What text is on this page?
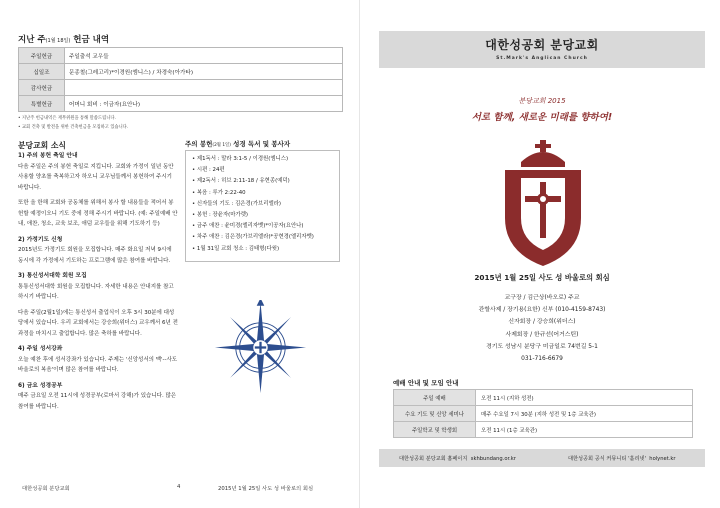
지난 주(1월 18일) 헌금 내역
주일헌금	주일출석 교우들
십일조	문종철(그레고리)*이경원(엠니스) / 차경숙(아가타)
감사헌금	
특별헌금	어머니 회비 : 이금자(요안나)
• 지난주 헌금내역은 재무위원을 통해 말씀드립니다.
• 교회 건축 및 발전을 위한 건축헌금을 모집하고 있습니다.
분당교회 소식
1) 주의 봉헌 축일 안내

다음 주일은 주의 봉헌 축일로 지킵니다. 교회와 가정이 일년 동안 사용할 양초를 축복하고자 하오니 교우님들께서 봉헌하여 주시기 바랍니다.

또한 올 한해 교회와 공동체를 위해서 봉사 할 내용들을 적어서 봉헌할 예정이오니 기도 중에 정해 주시기 바랍니다. (예: 주일예배 안내, 애찬, 청소, 교육 보조, 애덤 교우들을 위해 기도하기 등)

2) 가정기도 신청

2015년도 가정기도 회원을 모집합니다. 매주 화요일 저녁 9시에 동시에 각 가정에서 기도하는 프로그램에 많은 참여를 바랍니다.

3) 통신성서대학 회원 모집

통통신성서대학 회원을 모집합니다. 자세한 내용은 안내지를 참고하시기 바랍니다.

다음 주일(2월1일)에는 통신성서 출업식이 오후 3시 30분에 대성당에서 있습니다. 우리 교회에서는 강승희(위더스) 교우께서 6년 전 과정을 마치시고 출업합니다. 많은 축하를 바랍니다.

4) 주일 성서강좌

오늘 예찬 후에 성서강좌가 있습니다. 주제는 '신앙성서의 맥'--사도 바울로의 복음'이며 많은 참여를 바랍니다.

6) 금요 성경공부

매주 금요일 오전 11시에 성경공부(로마서 강해)가 있습니다. 많은 참여를 바랍니다.

주의 봉헌(2월 1일) 성경 독서 및 봉사자
• 제1독서 : 말라 3:1-5 / 이경원(엠니스)
• 시편 : 24편
• 제2독서 : 히브 2:11-18 / 유현종(예덕)
• 복음 : 루가 2:22-40
• 신자들의 기도 : 김은경(가브리엘라)
• 봉헌 : 장윤자(마가렛)
• 금주 애찬 : 윤미경(엘리자벳)*이공자(요안나)
• 차주 애찬 : 김은경(가브리엘라)*공현경(엘리자벳)
• 1월 31일 교회 청소 : 김태형(다윗)
대한성공회 분당교회	4	2015년 1월 25일 사도 성 바울로의 회심
대한성공회 분당교회
St.Mark's Anglican Church
분당교회 2015
서로 함께, 새로운 미래를 향하여!
2015년 1월 25일 사도 성 바울로의 회심
교구장 / 김근상(바오로) 주교
관할사제 / 장기용(요한) 신부 (010-4159-8743)
신자회장 / 강승희(위더스)
사제회장 / 한규선(어거스틴)
경기도 성남시 분당구 미금일로 74번길 5-1
031-716-6679
예배 안내 및 모임 안내
주일 예배	오전 11시 (지하 성전)
수요 기도 및 신앙 세미나	매주 수요일 7시 30분 (지하 성전 및 1층 교육관)
주일학교 및 학생회	오전 11시 (1층 교육관)
대한성공회 분당교회 홈페이지 skhbundang.or.kr	대한성공회 공식 커뮤니티 '홀리넷' holynet.kr
